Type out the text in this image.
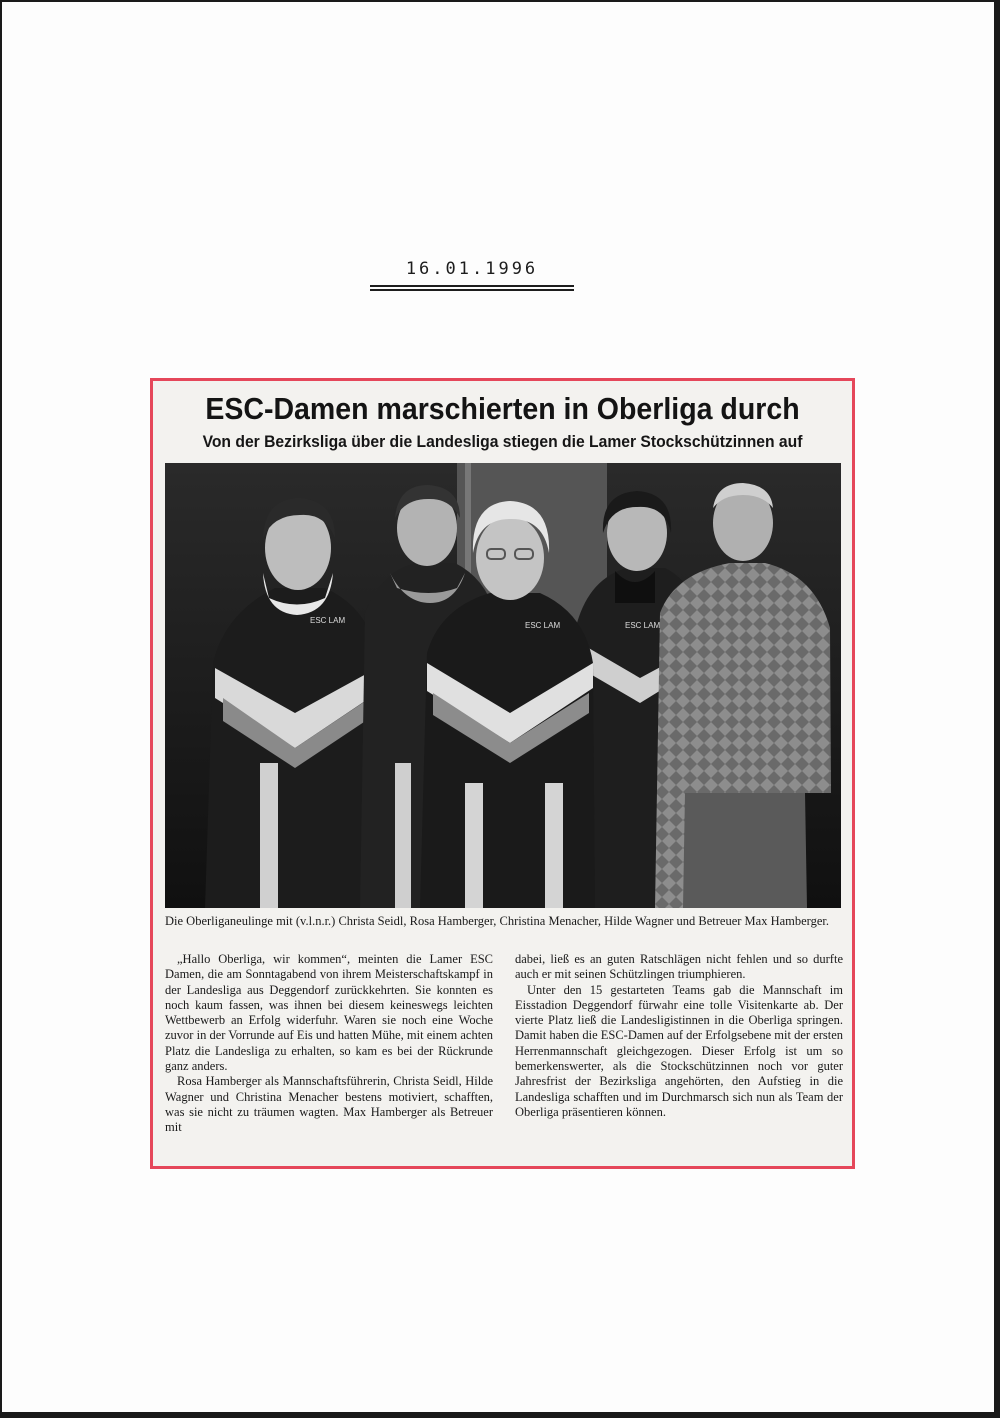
16.01.1996
ESC-Damen marschierten in Oberliga durch
Von der Bezirksliga über die Landesliga stiegen die Lamer Stockschützinnen auf
ESC LAM
ESC LAM
ESC LAM
Die Oberliganeulinge mit (v.l.n.r.) Christa Seidl, Rosa Hamberger, Christina Menacher, Hilde Wagner und Betreuer Max Hamberger.

„Hallo Oberliga, wir kommen“, meinten die Lamer ESC Damen, die am Sonntagabend von ihrem Meisterschaftskampf in der Landesliga aus Deggendorf zurückkehrten. Sie konnten es noch kaum fassen, was ihnen bei diesem keineswegs leichten Wettbewerb an Erfolg widerfuhr. Waren sie noch eine Woche zuvor in der Vorrunde auf Eis und hatten Mühe, mit einem achten Platz die Landesliga zu erhalten, so kam es bei der Rückrunde ganz anders.

Rosa Hamberger als Mannschaftsführerin, Christa Seidl, Hilde Wagner und Christina Menacher bestens motiviert, schafften, was sie nicht zu träumen wagten. Max Hamberger als Betreuer mit

dabei, ließ es an guten Ratschlägen nicht fehlen und so durfte auch er mit seinen Schützlingen triumphieren.

Unter den 15 gestarteten Teams gab die Mannschaft im Eisstadion Deggendorf fürwahr eine tolle Visitenkarte ab. Der vierte Platz ließ die Landesligistinnen in die Oberliga springen. Damit haben die ESC-Damen auf der Erfolgsebene mit der ersten Herrenmannschaft gleichgezogen. Dieser Erfolg ist um so bemerkenswerter, als die Stockschützinnen noch vor guter Jahresfrist der Bezirksliga angehörten, den Aufstieg in die Landesliga schafften und im Durchmarsch sich nun als Team der Oberliga präsentieren können.
